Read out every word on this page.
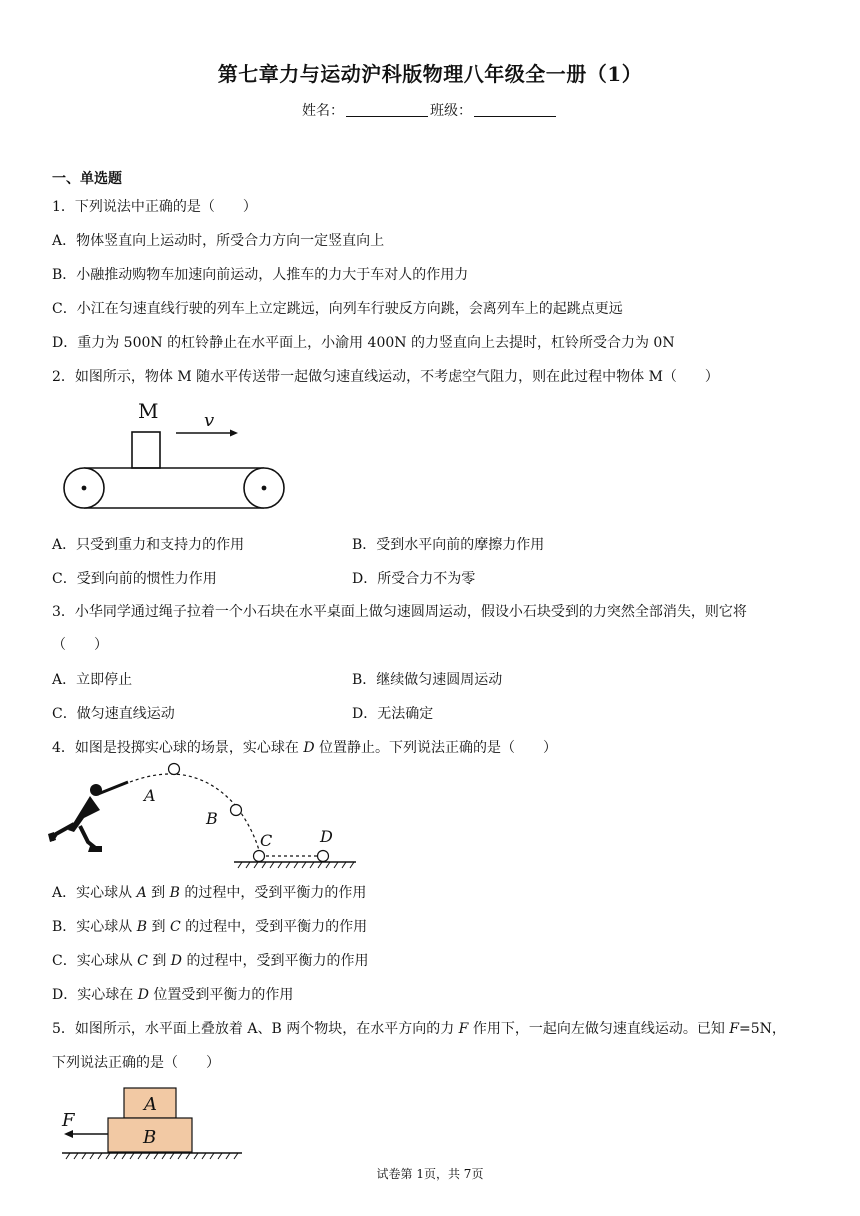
第七章力与运动沪科版物理八年级全一册（1）
姓名：	班级：
一、单选题
1．下列说法中正确的是（　　）
A．物体竖直向上运动时，所受合力方向一定竖直向上
B．小融推动购物车加速向前运动，人推车的力大于车对人的作用力
C．小江在匀速直线行驶的列车上立定跳远，向列车行驶反方向跳，会离列车上的起跳点更远
D．重力为 500N 的杠铃静止在水平面上，小渝用 400N 的力竖直向上去提时，杠铃所受合力为 0N
2．如图所示，物体 M 随水平传送带一起做匀速直线运动，不考虑空气阻力，则在此过程中物体 M（　　）
M	v
A．只受到重力和支持力的作用	B．受到水平向前的摩擦力作用
C．受到向前的惯性力作用	D．所受合力不为零
3．小华同学通过绳子拉着一个小石块在水平桌面上做匀速圆周运动，假设小石块受到的力突然全部消失，则它将
（　　）
A．立即停止	B．继续做匀速圆周运动
C．做匀速直线运动	D．无法确定
4．如图是投掷实心球的场景，实心球在 D 位置静止。下列说法正确的是（　　）
A
B
C	D
A．实心球从 A 到 B 的过程中，受到平衡力的作用
B．实心球从 B 到 C 的过程中，受到平衡力的作用
C．实心球从 C 到 D 的过程中，受到平衡力的作用
D．实心球在 D 位置受到平衡力的作用
5．如图所示，水平面上叠放着 A、B 两个物块，在水平方向的力 F 作用下，一起向左做匀速直线运动。已知 F=5N，
下列说法正确的是（　　）
A
B
F
试卷第 1页，共 7页
